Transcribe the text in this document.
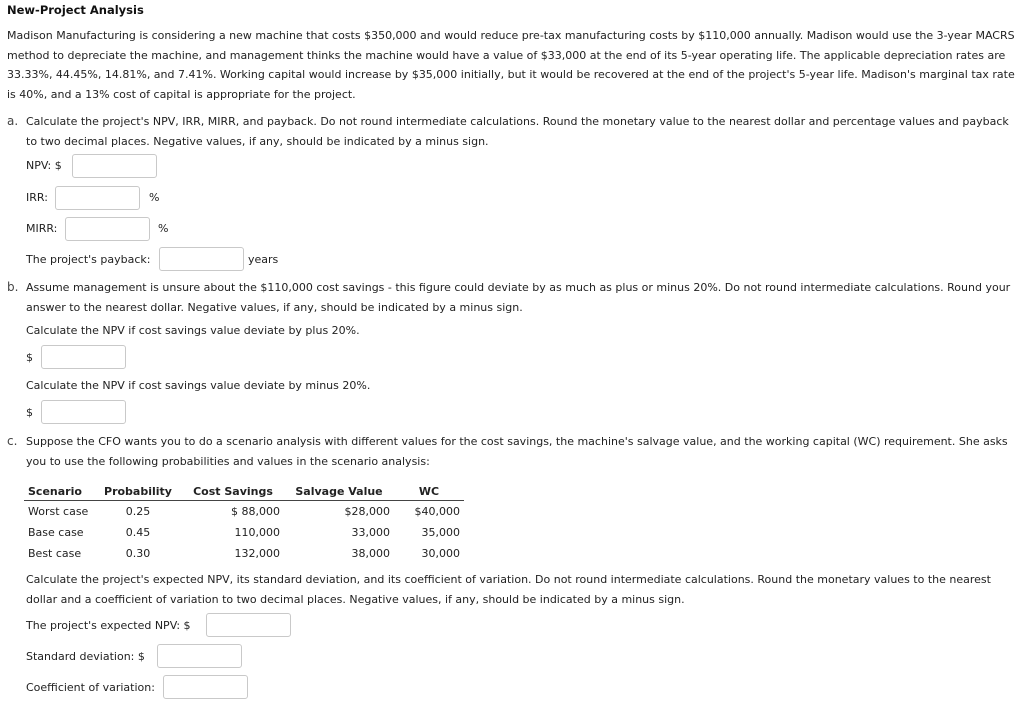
New-Project Analysis
Madison Manufacturing is considering a new machine that costs $350,000 and would reduce pre-tax manufacturing costs by $110,000 annually. Madison would use the 3-year MACRS method to depreciate the machine, and management thinks the machine would have a value of $33,000 at the end of its 5-year operating life. The applicable depreciation rates are 33.33%, 44.45%, 14.81%, and 7.41%. Working capital would increase by $35,000 initially, but it would be recovered at the end of the project's 5-year life. Madison's marginal tax rate is 40%, and a 13% cost of capital is appropriate for the project.
a. Calculate the project's NPV, IRR, MIRR, and payback. Do not round intermediate calculations. Round the monetary value to the nearest dollar and percentage values and payback to two decimal places. Negative values, if any, should be indicated by a minus sign.
NPV: $
IRR:	%
MIRR:	%
The project's payback:	years
b. Assume management is unsure about the $110,000 cost savings - this figure could deviate by as much as plus or minus 20%. Do not round intermediate calculations. Round your answer to the nearest dollar. Negative values, if any, should be indicated by a minus sign.
Calculate the NPV if cost savings value deviate by plus 20%.
$
Calculate the NPV if cost savings value deviate by minus 20%.
$
c. Suppose the CFO wants you to do a scenario analysis with different values for the cost savings, the machine's salvage value, and the working capital (WC) requirement. She asks you to use the following probabilities and values in the scenario analysis:
Scenario	Probability	Cost Savings	Salvage Value	WC
Worst case	0.25	$ 88,000	$28,000	$40,000
Base case	0.45	110,000	33,000	35,000
Best case	0.30	132,000	38,000	30,000
Calculate the project's expected NPV, its standard deviation, and its coefficient of variation. Do not round intermediate calculations. Round the monetary values to the nearest dollar and a coefficient of variation to two decimal places. Negative values, if any, should be indicated by a minus sign.
The project's expected NPV: $
Standard deviation: $
Coefficient of variation:
